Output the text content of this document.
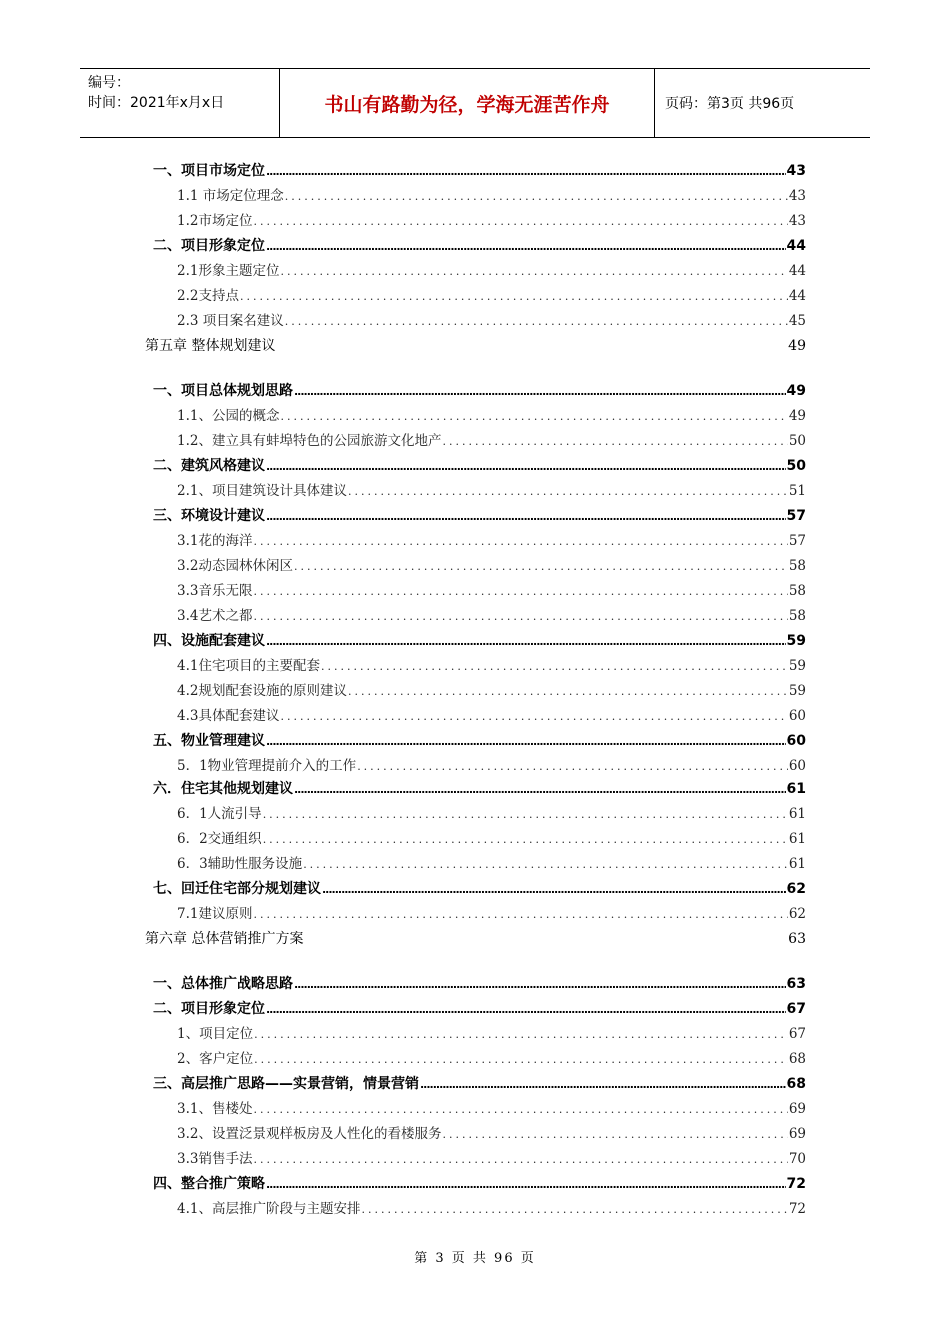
编号：
时间：2021年x月x日	书山有路勤为径，学海无涯苦作舟	页码：第3页 共96页
一、项目市场定位 .....	43
1.1 市场定位理念 .....	43
1.2市场定位 .....	43
二、项目形象定位 .....	44
2.1形象主题定位 .....	44
2.2支持点 .....	44
2.3 项目案名建议 .....	45
第五章 整体规划建议	49
一、项目总体规划思路 .....	49
1.1、公园的概念 .....	49
1.2、建立具有蚌埠特色的公园旅游文化地产 .....	50
二、建筑风格建议 .....	50
2.1、项目建筑设计具体建议 .....	51
三、环境设计建议 .....	57
3.1花的海洋 .....	57
3.2动态园林休闲区 .....	58
3.3音乐无限 .....	58
3.4艺术之都 .....	58
四、设施配套建议 .....	59
4.1住宅项目的主要配套 .....	59
4.2规划配套设施的原则建议 .....	59
4.3具体配套建议 .....	60
五、物业管理建议 .....	60
5．1物业管理提前介入的工作 .....	60
六．住宅其他规划建议 .....	61
6．1人流引导 .....	61
6．2交通组织 .....	61
6．3辅助性服务设施 .....	61
七、回迁住宅部分规划建议 .....	62
7.1建议原则 .....	62
第六章 总体营销推广方案	63
一、总体推广战略思路 .....	63
二、项目形象定位 .....	67
1、项目定位 .....	67
2、客户定位 .....	68
三、高层推广思路——实景营销，情景营销 .....	68
3.1、售楼处 .....	69
3.2、设置泛景观样板房及人性化的看楼服务 .....	69
3.3销售手法 .....	70
四、整合推广策略 .....	72
4.1、高层推广阶段与主题安排 .....	72
第 3 页 共 96 页
